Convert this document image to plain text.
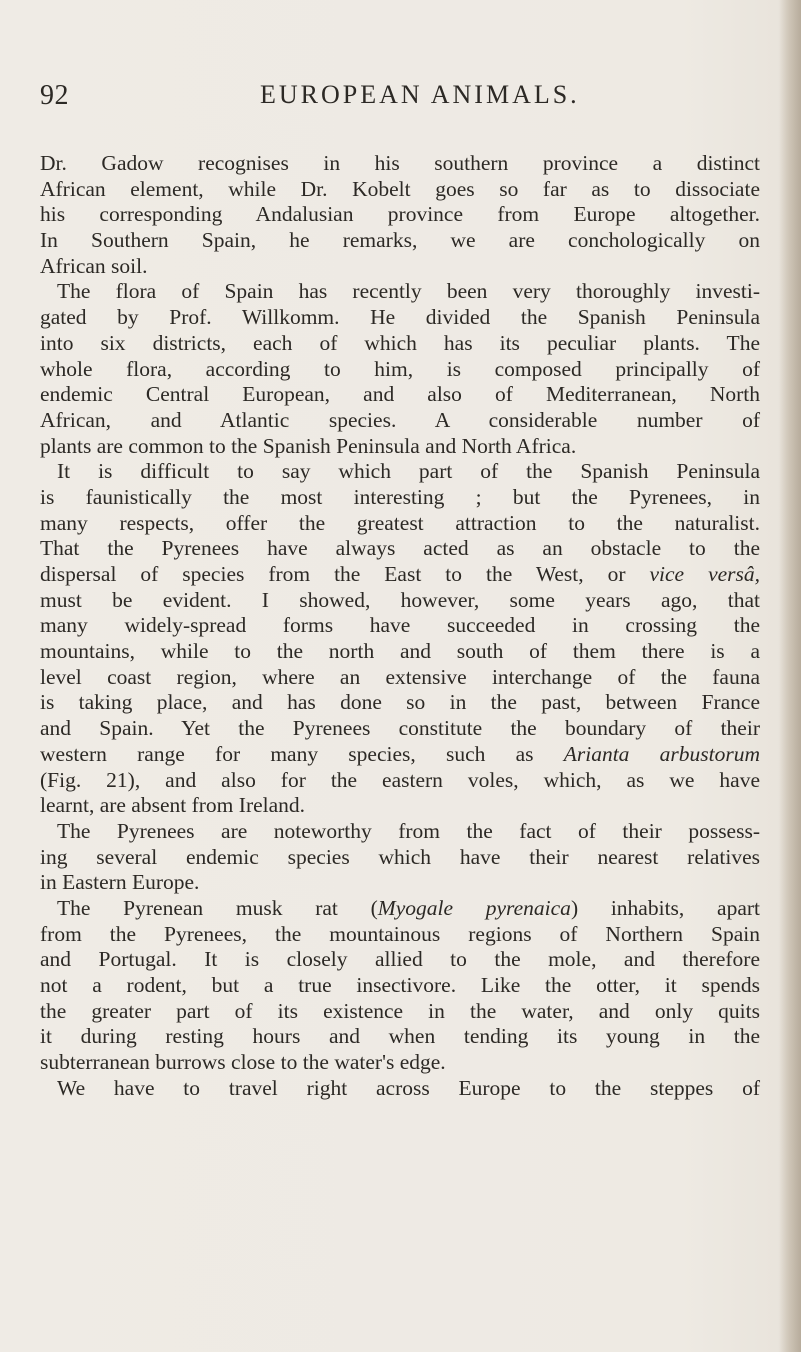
92	EUROPEAN ANIMALS.
Dr. Gadow recognises in his southern province a distinct
African element, while Dr. Kobelt goes so far as to dissociate
his corresponding Andalusian province from Europe altogether.
In Southern Spain, he remarks, we are conchologically on
African soil.
The flora of Spain has recently been very thoroughly investi-
gated by Prof. Willkomm. He divided the Spanish Peninsula
into six districts, each of which has its peculiar plants. The
whole flora, according to him, is composed principally of
endemic Central European, and also of Mediterranean, North
African, and Atlantic species. A considerable number of
plants are common to the Spanish Peninsula and North Africa.
It is difficult to say which part of the Spanish Peninsula
is faunistically the most interesting ; but the Pyrenees, in
many respects, offer the greatest attraction to the naturalist.
That the Pyrenees have always acted as an obstacle to the
dispersal of species from the East to the West, or vice versâ,
must be evident. I showed, however, some years ago, that
many widely-spread forms have succeeded in crossing the
mountains, while to the north and south of them there is a
level coast region, where an extensive interchange of the fauna
is taking place, and has done so in the past, between France
and Spain. Yet the Pyrenees constitute the boundary of their
western range for many species, such as Arianta arbustorum
(Fig. 21), and also for the eastern voles, which, as we have
learnt, are absent from Ireland.
The Pyrenees are noteworthy from the fact of their possess-
ing several endemic species which have their nearest relatives
in Eastern Europe.
The Pyrenean musk rat (Myogale pyrenaica) inhabits, apart
from the Pyrenees, the mountainous regions of Northern Spain
and Portugal. It is closely allied to the mole, and therefore
not a rodent, but a true insectivore. Like the otter, it spends
the greater part of its existence in the water, and only quits
it during resting hours and when tending its young in the
subterranean burrows close to the water's edge.
We have to travel right across Europe to the steppes of
